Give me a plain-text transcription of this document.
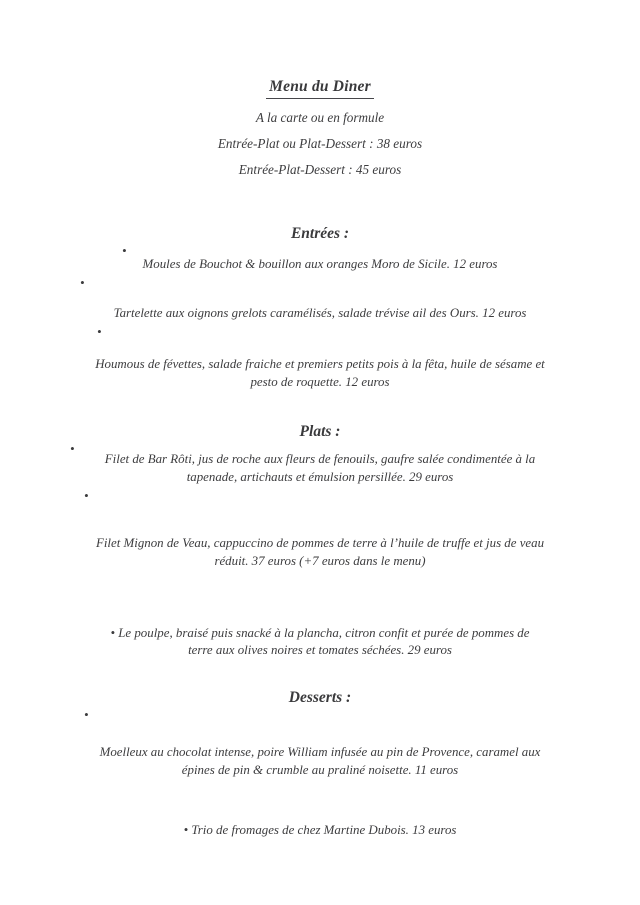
Menu du Diner

A la carte ou en formule

Entrée-Plat ou Plat-Dessert : 38 euros

Entrée-Plat-Dessert : 45 euros

Entrées :
•
Moules de Bouchot & bouillon aux oranges Moro de Sicile. 12 euros
•
Tartelette aux oignons grelots caramélisés, salade trévise ail des Ours. 12 euros
•
Houmous de févettes, salade fraiche et premiers petits pois à la fêta, huile de sésame et pesto de roquette. 12 euros
Plats :
•
Filet de Bar Rôti, jus de roche aux fleurs de fenouils, gaufre salée condimentée à la tapenade, artichauts et émulsion persillée. 29 euros
•
Filet Mignon de Veau, cappuccino de pommes de terre à l’huile de truffe et jus de veau réduit. 37 euros (+7 euros dans le menu)
• Le poulpe, braisé puis snacké à la plancha, citron confit et purée de pommes de terre aux olives noires et tomates séchées. 29 euros
Desserts :
•
Moelleux au chocolat intense, poire William infusée au pin de Provence, caramel aux épines de pin & crumble au praliné noisette. 11 euros
• Trio de fromages de chez Martine Dubois. 13 euros
